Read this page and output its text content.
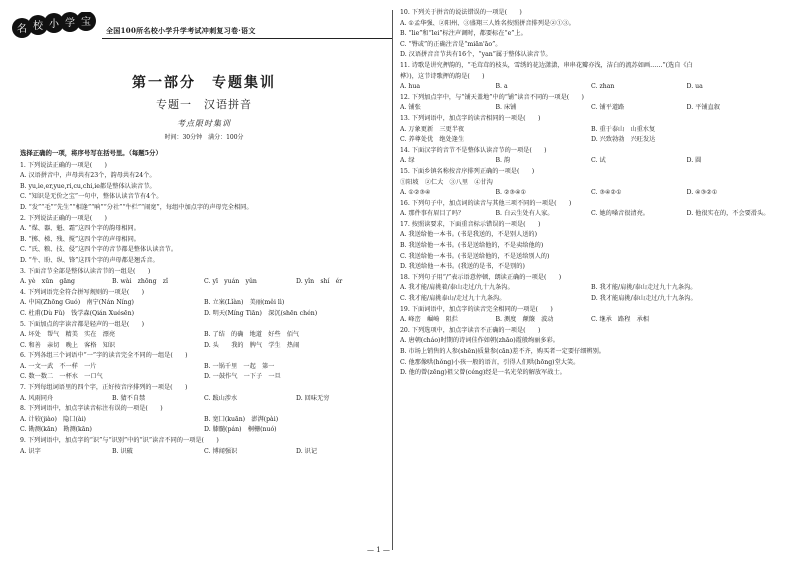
名 校 小 学 宝
全国100所名校小学升学考试冲刺复习卷·语文
第一部分　专题集训
专题一　汉语拼音
考点限时集训
时间：30分钟　满分：100分
选择正确的一项，将序号写在括号里。（每题5分）
1. 下列说法正确的一项是(　　)
A. 汉语拼音中，声母共有23个，韵母共有24个。
B. yu,ie,er,yue,ri,cu,chi,ie都是整体认读音节。
C. “知识是无价之宝”一句中，整体认读音节有4个。
D. “发”“毛”“先生”“相逢”“响”“分社”“牛栏”“闹宽”，每组中加点字的声母完全相同。
2. 下列说法正确的一项是(　　)
A. “煤、器、魁、霜”这四个字的韵母相同。
B. “掷、梯、残、搅”这四个字的声母相同。
C. “氏、粮、技、侵”这四个字的音节都是整体认读音节。
D. “牛、盼、纵、锋”这四个字的声母都是翘舌音。
3. 下面音节全部是整体认读音节的一组是(　　)
A. yè　xūn　gāng	B. wài　zhōng　zǐ	C. yī　yuán　yǔn	D. yǐn　shí　ér
4. 下列词语完全符合拼写规则的一项是(　　)
A. 中国(Zhōng Guó)　南宁(Nán Níng)	B. 立案(Lǐàn)　美丽(měi lì)
C. 杜甫(Dù Fǔ)　钱学森(Qián Xuésēn)	D. 明天(Míng Tiān)　深沉(shēn chén)
5. 下面加点的字读音都是轻声的一组是(　　)
A. 坏处　帮气　精美　实在　漂亮	B. 了结　的确　地道　好些　佰气
C. 和善　亲切　晚上　客格　知识	D. 头　　我的　脾气　学生　热闹
6. 下列各组三个词语中“一”字的读音完全不同的一组是(　　)
A. 一文一武　不一样　一片	B. 一锅千里　一起　第一
C. 数一数二　一杯水　一口气	D. 一鼓作气　一下子　一旦
7. 下列每组词语里的四个字，正好按音序排列的一项是(　　)
A. 风雨同舟	B. 猜不自禁	C. 跋山涉水	D. 回味无穷
8. 下列词语中，加点字读音标注有误的一项是(　　)
A. 计较(jiào)　隐囗(ài)	B. 宽囗(kuān)　澎湃(pài)
C. 勘测(kān)　勘测(kān)	D. 膝髓(pán)　桐栅(nuó)
9. 下列词语中，加点字的“识”与“识别”中的“识”读音不同的一项是(　　)
A. 识字	B. 识破	C. 博闻强识	D. 识记
10. 下列关于拼音的说法错误的一项是(　　)
A. ①孟华强、②阳州、③盛翔三人姓名按照拼音排列是②①③。
B. “lie”和“lei”标注声调时，都要标在“e”上。
C. “臀或”的正确注音是“miān'āo”。
D. 汉语拼音音节共有16个，“yan”属于整体认读音节。
11. 诗歌是讲究押韵的，“毛茸茸的枝头，雪绣的花边潇潇，串串花瓣亦浅，洁白的流苏如画……”(选自《白
桦》)，这节诗歌押的韵是(　　)
A. hua	B. a	C. zhan	D. ua
12. 下列加点字中，与“铺天盖地”中的“铺”读音不同的一项是(　　)
A. 铺张	B. 床铺	C. 铺平道路	D. 平铺直叙
13. 下列词语中，加点字的读音相同的一项是(　　)
A. 万象更新　三更半夜	B. 重于泰山　山重水复
C. 养尊处优　绝处逢生	D. 兴致勃勃　兴旺发达
14. 下面汉字的音节不是整体认读音节的一项是(　　)
A. 绿	B. 韵	C. 试	D. 圆
15. 下面乡镇名称按音序排列正确的一项是(　　)
①阳坡　②仁大　③八里　④甘沟
A. ①②③④	B. ②③④①	C. ③④②①	D. ④③②①
16. 下列句子中，加点词的读音与其他三项不同的一项是(　　)
A. 那件事有眉目了吗？	B. 白云生处有人家。	C. 她的嗓音很清亮。	D. 他很实在的，不会要滑头。
17. 按照读要求，下面重音标示错误的一项是(　　)
A. 我送给他一本书。(书是我送的，不是别人送的)
B. 我送给他一本书。(书是送给他的，不是卖给他的)
C. 我送给他一本书。(书是送给他的，不是送给别人的)
D. 我送给他一本书。(我送的是书，不是别的)
18. 下列句子用“/”表示语意停顿，朗读正确的一项是(　　)
A. 我才能/肩挑着/泰山走过/九十九条沟。	B. 我才能/肩挑/泰山走过九十九条沟。
C. 我才能/肩挑泰山/走过九十九条沟。	D. 我才能肩挑/泰山走过/九十九条沟。
19. 下面词语中，加点字的读音完全相同的一项是(　　)
A. 峰峦　崛崎　阻拦	B. 测度　颠簸　波动	C. 继承　路程　承相
20. 下列选项中，加点字读音不正确的一项是(　　)
A. 唐朝(cháo)时期的诗词佳作如朝(zhāo)霞般绚丽多彩。
B. 市场上销售的人参(shēn)质量参(cān)差不齐，购买者一定要仔细辨别。
C. 他那像哄(hǒng)小孩一般的语言，引得人们哄(hōng)堂大笑。
D. 他的曾(zēng)祖父曾(céng)经是一名光荣的解放军战士。
— 1 —
